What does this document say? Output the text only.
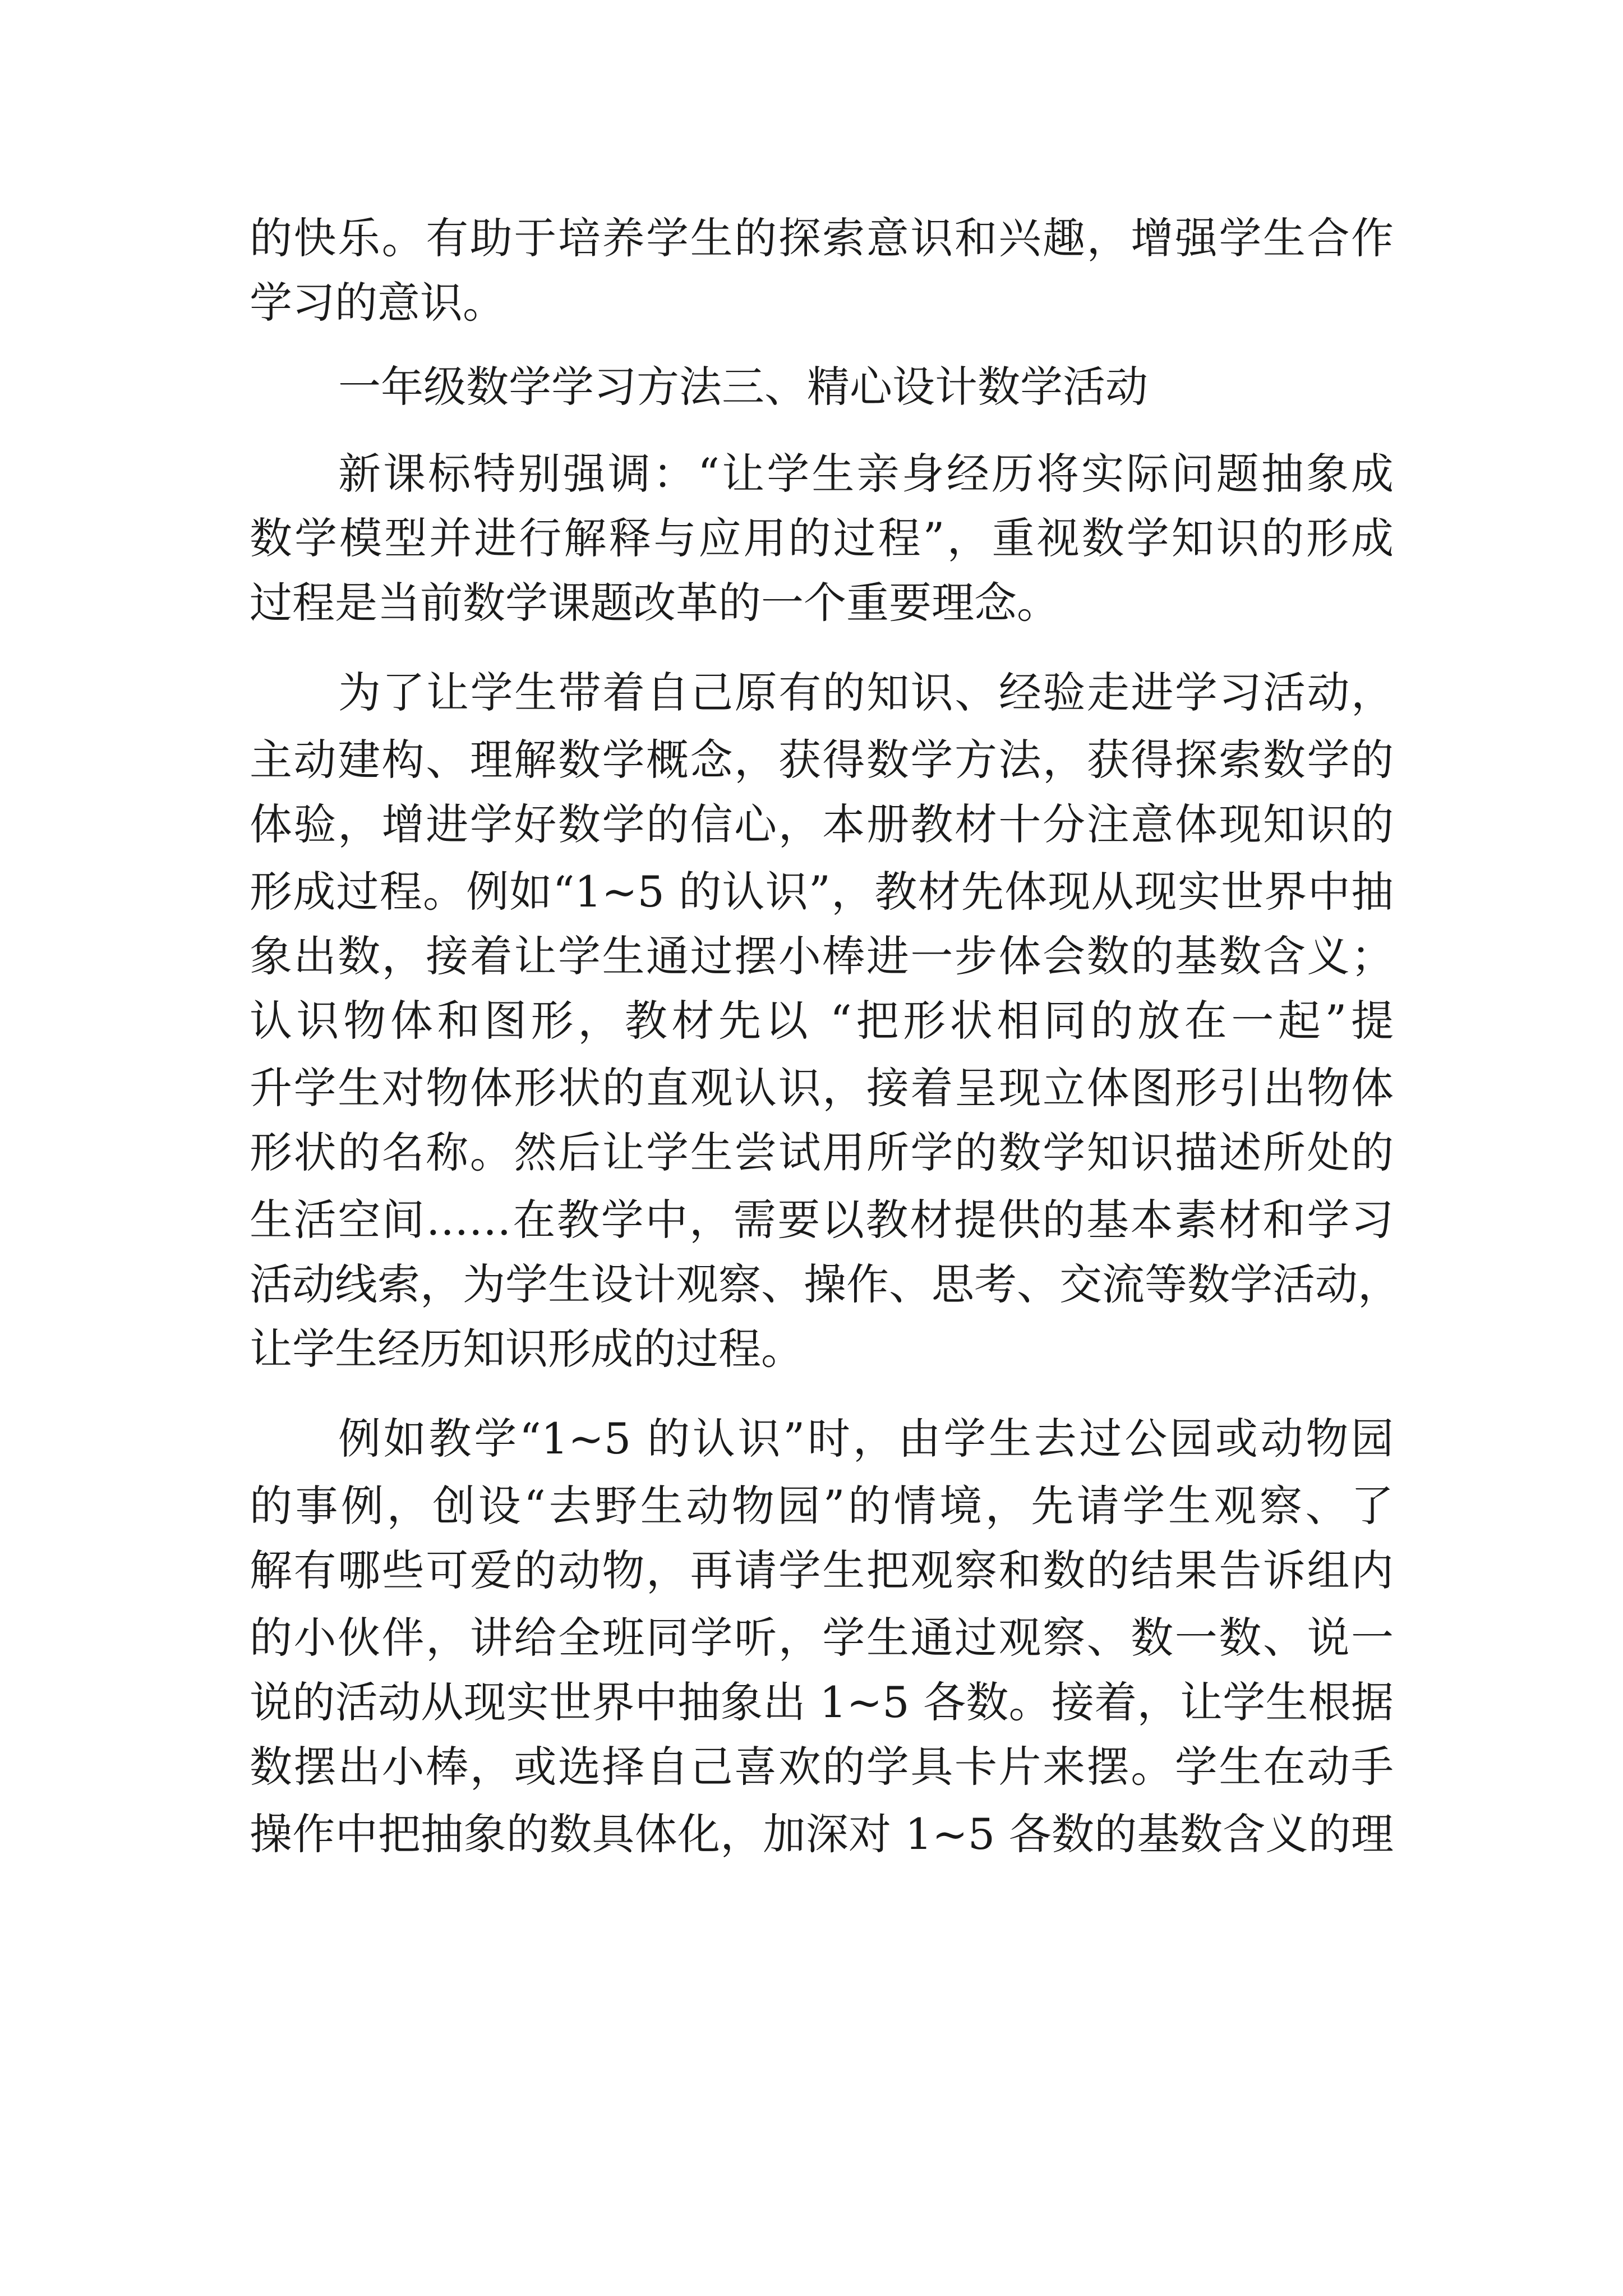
的快乐。有助于培养学生的探索意识和兴趣，增强学生合作
学习的意识。
一年级数学学习方法三、精心设计数学活动
新课标特别强调：“让学生亲身经历将实际问题抽象成
数学模型并进行解释与应用的过程”，重视数学知识的形成
过程是当前数学课题改革的一个重要理念。
为了让学生带着自己原有的知识、经验走进学习活动，
主动建构、理解数学概念，获得数学方法，获得探索数学的
体验，增进学好数学的信心，本册教材十分注意体现知识的
形成过程。例如“1~5 的认识”，教材先体现从现实世界中抽
象出数，接着让学生通过摆小棒进一步体会数的基数含义；
认识物体和图形，教材先以 “把形状相同的放在一起”提
升学生对物体形状的直观认识，接着呈现立体图形引出物体
形状的名称。然后让学生尝试用所学的数学知识描述所处的
生活空间……在教学中，需要以教材提供的基本素材和学习
活动线索，为学生设计观察、操作、思考、交流等数学活动，
让学生经历知识形成的过程。
例如教学“1~5 的认识”时，由学生去过公园或动物园
的事例，创设“去野生动物园”的情境，先请学生观察、了
解有哪些可爱的动物，再请学生把观察和数的结果告诉组内
的小伙伴，讲给全班同学听，学生通过观察、数一数、说一
说的活动从现实世界中抽象出 1~5 各数。接着，让学生根据
数摆出小棒，或选择自己喜欢的学具卡片来摆。学生在动手
操作中把抽象的数具体化，加深对 1~5 各数的基数含义的理
